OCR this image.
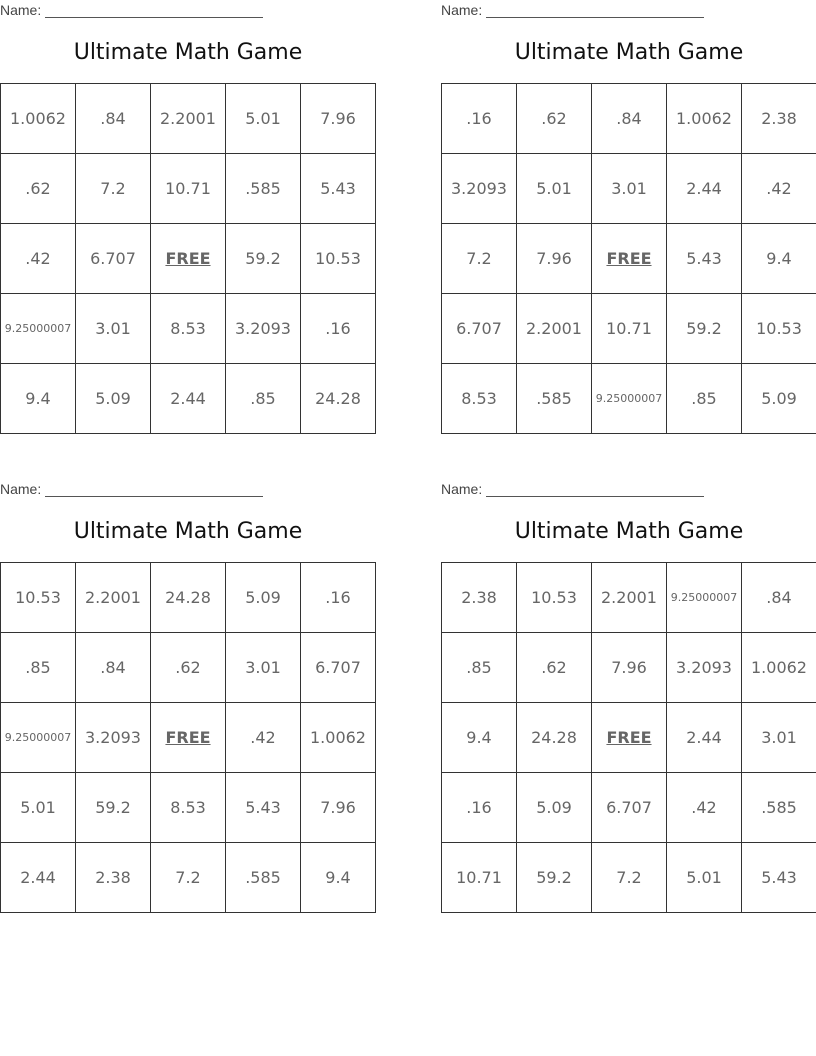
Name:
Ultimate Math Game
1.0062	.84	2.2001	5.01	7.96
.62	7.2	10.71	.585	5.43
.42	6.707	FREE	59.2	10.53
9.25000007	3.01	8.53	3.2093	.16
9.4	5.09	2.44	.85	24.28
Name:
Ultimate Math Game
.16	.62	.84	1.0062	2.38
3.2093	5.01	3.01	2.44	.42
7.2	7.96	FREE	5.43	9.4
6.707	2.2001	10.71	59.2	10.53
8.53	.585	9.25000007	.85	5.09
Name:
Ultimate Math Game
10.53	2.2001	24.28	5.09	.16
.85	.84	.62	3.01	6.707
9.25000007	3.2093	FREE	.42	1.0062
5.01	59.2	8.53	5.43	7.96
2.44	2.38	7.2	.585	9.4
Name:
Ultimate Math Game
2.38	10.53	2.2001	9.25000007	.84
.85	.62	7.96	3.2093	1.0062
9.4	24.28	FREE	2.44	3.01
.16	5.09	6.707	.42	.585
10.71	59.2	7.2	5.01	5.43
